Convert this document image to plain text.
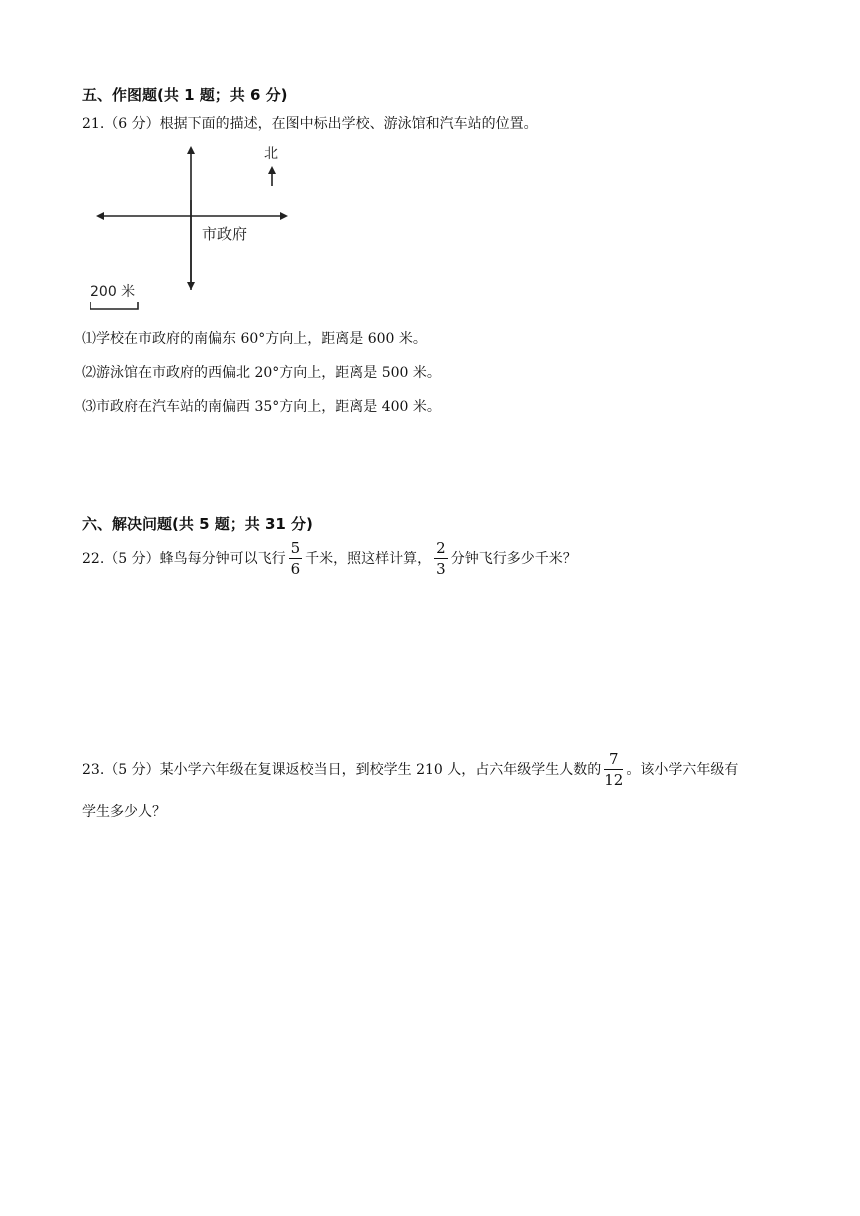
五、作图题(共 1 题；共 6 分)
21.（6 分）根据下面的描述，在图中标出学校、游泳馆和汽车站的位置。
北
市政府
200 米
⑴学校在市政府的南偏东 60°方向上，距离是 600 米。
⑵游泳馆在市政府的西偏北 20°方向上，距离是 500 米。
⑶市政府在汽车站的南偏西 35°方向上，距离是 400 米。
六、解决问题(共 5 题；共 31 分)
22.（5 分）蜂鸟每分钟可以飞行 $\frac{5}{6}$ 千米，照这样计算， $\frac{2}{3}$ 分钟飞行多少千米？
23.（5 分）某小学六年级在复课返校当日，到校学生 210 人，占六年级学生人数的 $\frac{7}{12}$ 。该小学六年级有
学生多少人？
